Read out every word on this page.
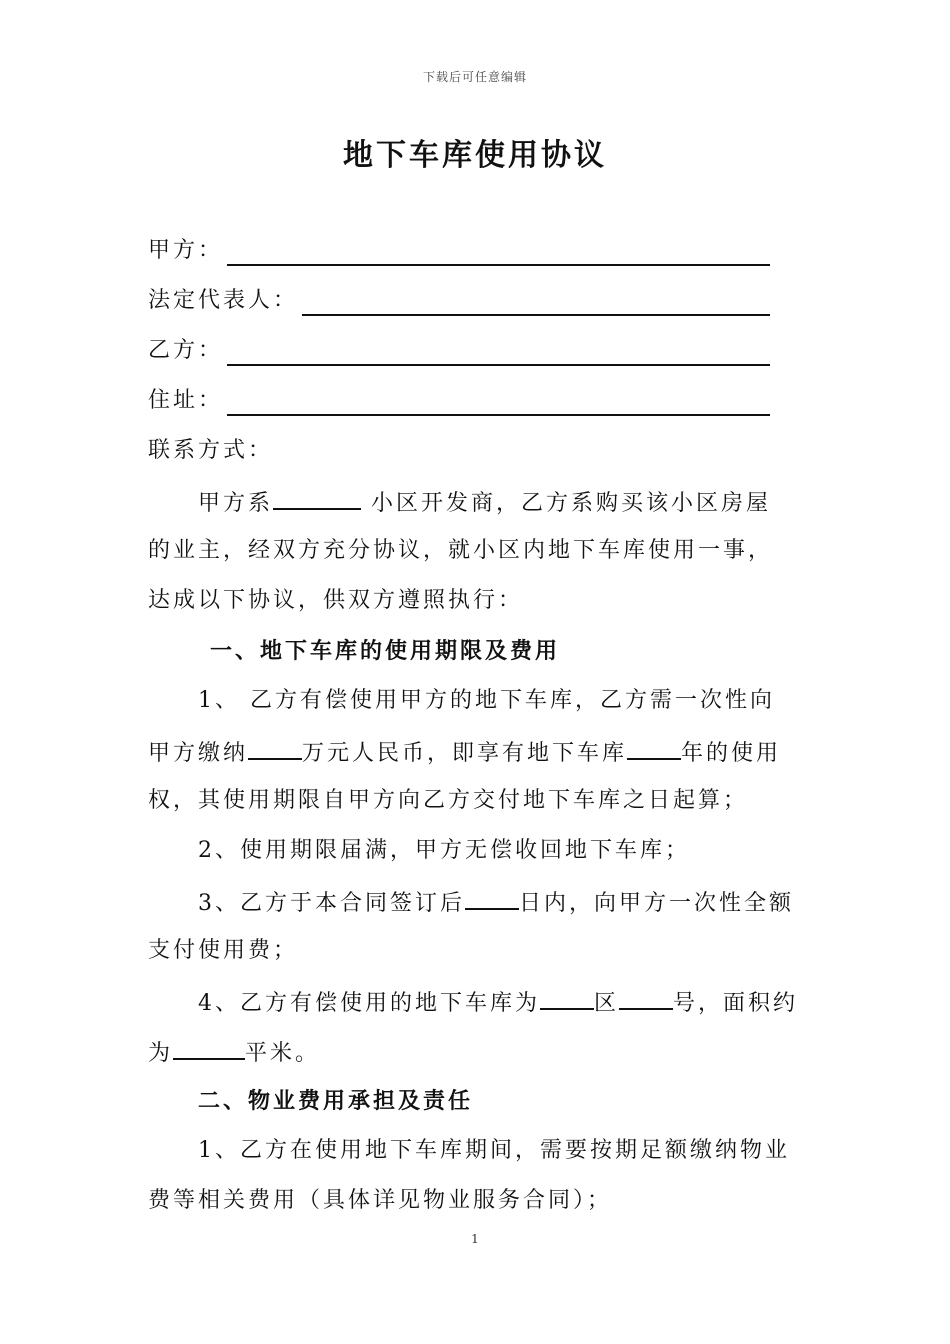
下载后可任意编辑
地下车库使用协议
甲方：
法定代表人：
乙方：
住址：
联系方式：
甲方系	小区开发商，乙方系购买该小区房屋
的业主，经双方充分协议，就小区内地下车库使用一事，
达成以下协议，供双方遵照执行：
一、地下车库的使用期限及费用
1、 乙方有偿使用甲方的地下车库，乙方需一次性向
甲方缴纳 万元人民币，即享有地下车库 年的使用
权，其使用期限自甲方向乙方交付地下车库之日起算；
2、使用期限届满，甲方无偿收回地下车库；
3、乙方于本合同签订后 日内，向甲方一次性全额
支付使用费；
4、乙方有偿使用的地下车库为 区 号，面积约
为	平米。
二、物业费用承担及责任
1、乙方在使用地下车库期间，需要按期足额缴纳物业
费等相关费用（具体详见物业服务合同）；
1
